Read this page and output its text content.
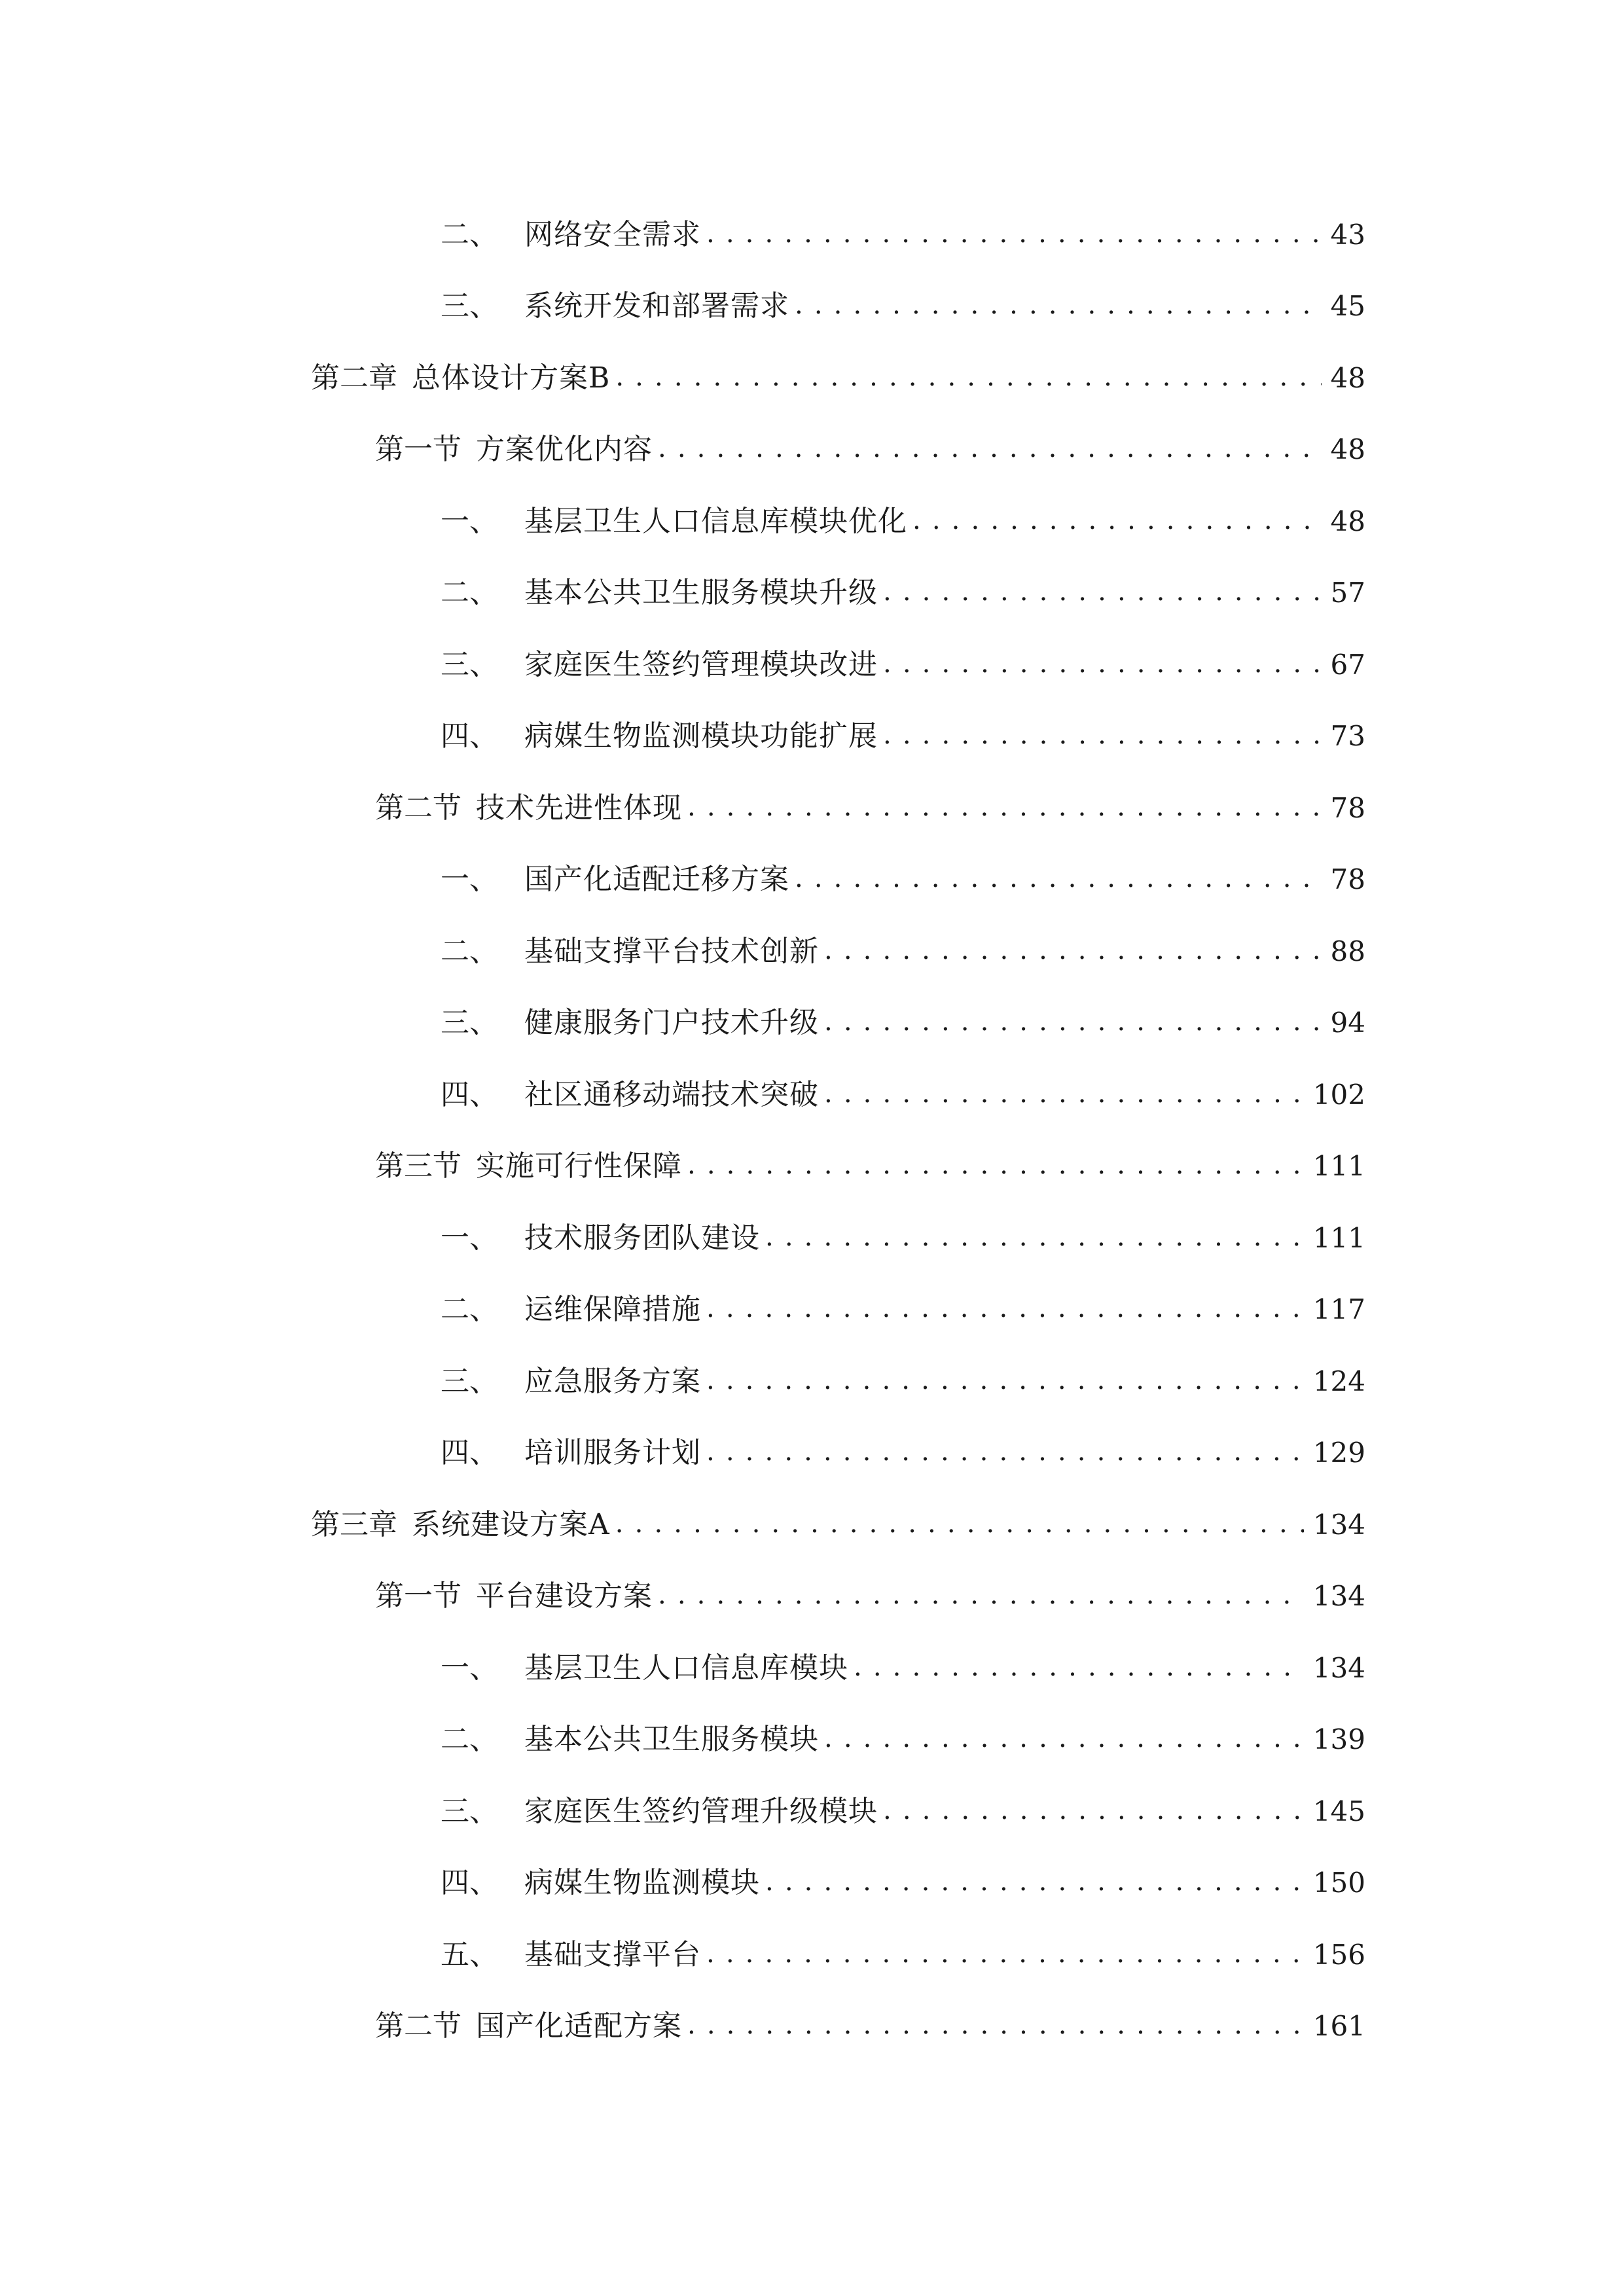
二、 网络安全需求 . . .	43
三、 系统开发和部署需求 . . .	45
第二章 总体设计方案B . . .	48
第一节 方案优化内容 . . .	48
一、 基层卫生人口信息库模块优化 . . .	48
二、 基本公共卫生服务模块升级 . . .	57
三、 家庭医生签约管理模块改进 . . .	67
四、 病媒生物监测模块功能扩展 . . .	73
第二节 技术先进性体现 . . .	78
一、 国产化适配迁移方案 . . .	78
二、 基础支撑平台技术创新 . . .	88
三、 健康服务门户技术升级 . . .	94
四、 社区通移动端技术突破 . . .	102
第三节 实施可行性保障 . . .	111
一、 技术服务团队建设 . . .	111
二、 运维保障措施 . . .	117
三、 应急服务方案 . . .	124
四、 培训服务计划 . . .	129
第三章 系统建设方案A . . .	134
第一节 平台建设方案 . . .	134
一、 基层卫生人口信息库模块 . . .	134
二、 基本公共卫生服务模块 . . .	139
三、 家庭医生签约管理升级模块 . . .	145
四、 病媒生物监测模块 . . .	150
五、 基础支撑平台 . . .	156
第二节 国产化适配方案 . . .	161
